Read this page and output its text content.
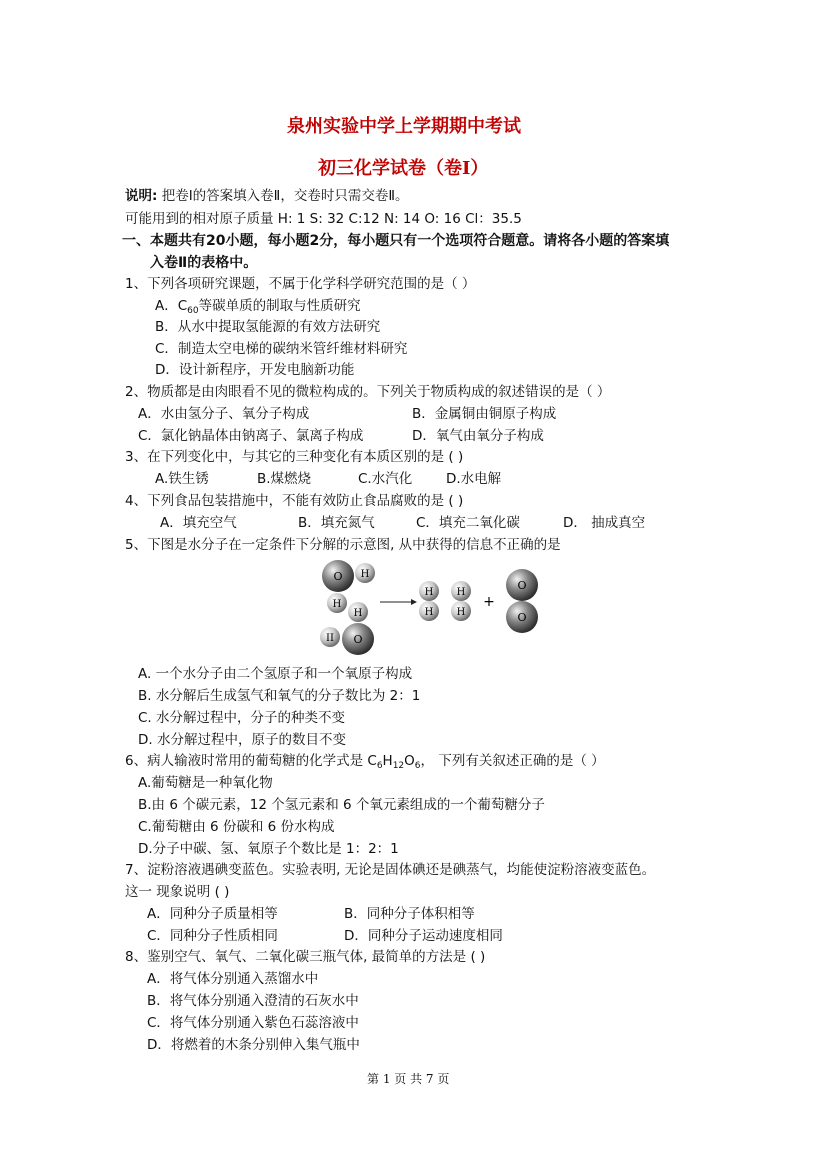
泉州实验中学上学期期中考试
初三化学试卷（卷Ⅰ）
说明: 把卷Ⅰ的答案填入卷Ⅱ，交卷时只需交卷Ⅱ。
可能用到的相对原子质量 H: 1 S: 32 C:12 N: 14 O: 16 Cl：35.5
一、本题共有20小题，每小题2分，每小题只有一个选项符合题意。请将各小题的答案填
入卷Ⅱ的表格中。
1、下列各项研究课题，不属于化学科学研究范围的是（ ）
A．$C_{60}$等碳单质的制取与性质研究
B．从水中提取氢能源的有效方法研究
C．制造太空电梯的碳纳米管纤维材料研究
D．设计新程序，开发电脑新功能
2、物质都是由肉眼看不见的微粒构成的。下列关于物质构成的叙述错误的是（ ）
A．水由氢分子、氧分子构成	B．金属铜由铜原子构成
C．氯化钠晶体由钠离子、氯离子构成	D．氧气由氧分子构成
3、在下列变化中，与其它的三种变化有本质区别的是 ( )
A.铁生锈	B.煤燃烧	C.水汽化	D.水电解
4、下列食品包装措施中，不能有效防止食品腐败的是 ( )
A．填充空气	B．填充氮气	C．填充二氧化碳	D． 抽成真空
5、下图是水分子在一定条件下分解的示意图, 从中获得的信息不正确的是
O H
H
H
II O
H
H
H
H
+
O
O
A. 一个水分子由二个氢原子和一个氧原子构成
B. 水分解后生成氢气和氧气的分子数比为 2：1
C. 水分解过程中，分子的种类不变
D. 水分解过程中，原子的数目不变
6、病人输液时常用的葡萄糖的化学式是 $C_6H_{12}O_6$， 下列有关叙述正确的是（ ）
A.葡萄糖是一种氧化物
B.由 6 个碳元素，12 个氢元素和 6 个氧元素组成的一个葡萄糖分子
C.葡萄糖由 6 份碳和 6 份水构成
D.分子中碳、氢、氧原子个数比是 1：2：1
7、淀粉溶液遇碘变蓝色。实验表明, 无论是固体碘还是碘蒸气，均能使淀粉溶液变蓝色。
这一 现象说明 ( )
A．同种分子质量相等	B．同种分子体积相等
C．同种分子性质相同	D．同种分子运动速度相同
8、鉴别空气、氧气、二氧化碳三瓶气体, 最简单的方法是 ( )
A．将气体分别通入蒸馏水中
B．将气体分别通入澄清的石灰水中
C．将气体分别通入紫色石蕊溶液中
D．将燃着的木条分别伸入集气瓶中
第 1 页 共 7 页
